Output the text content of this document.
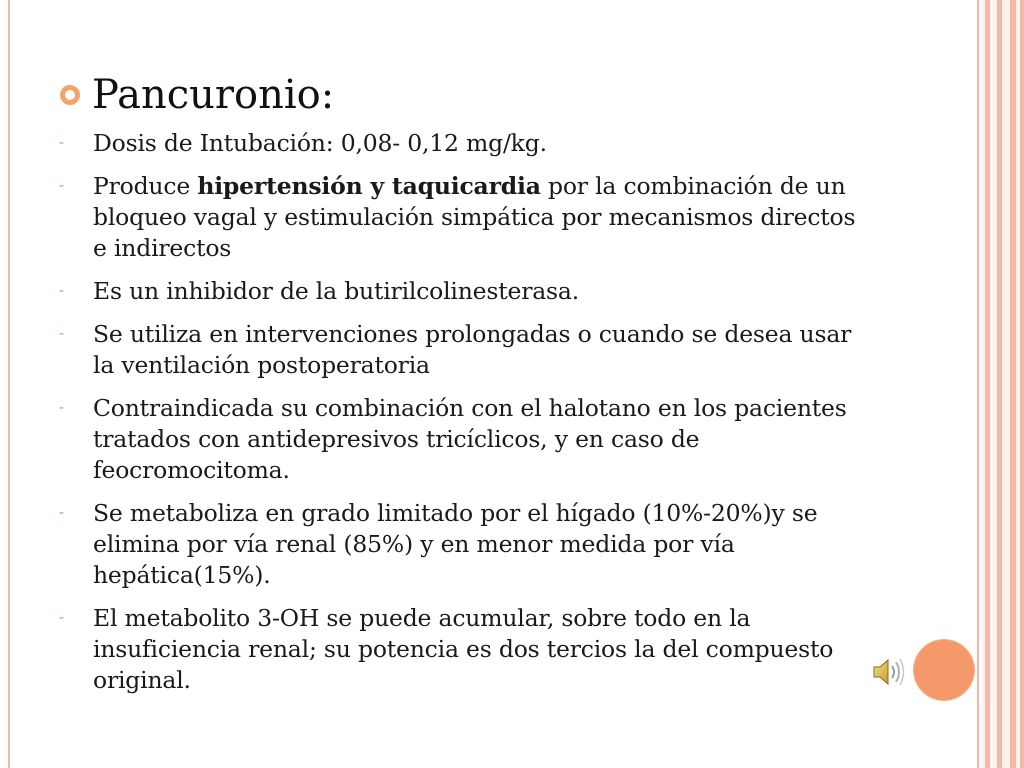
Pancuronio:
-	Dosis de Intubación: 0,08- 0,12 mg/kg.
-	Produce hipertensión y taquicardia por la combinación de un bloqueo vagal y estimulación simpática por mecanismos directos e indirectos
-	Es un inhibidor de la butirilcolinesterasa.
-	Se utiliza en intervenciones prolongadas o cuando se desea usar la ventilación postoperatoria
-	Contraindicada su combinación con el halotano en los pacientes tratados con antidepresivos tricíclicos, y en caso de feocromocitoma.
-	Se metaboliza en grado limitado por el hígado (10%-20%)y se elimina por vía renal (85%) y en menor medida por vía hepática(15%).
-	El metabolito 3-OH se puede acumular, sobre todo en la insuficiencia renal; su potencia es dos tercios la del compuesto original.
